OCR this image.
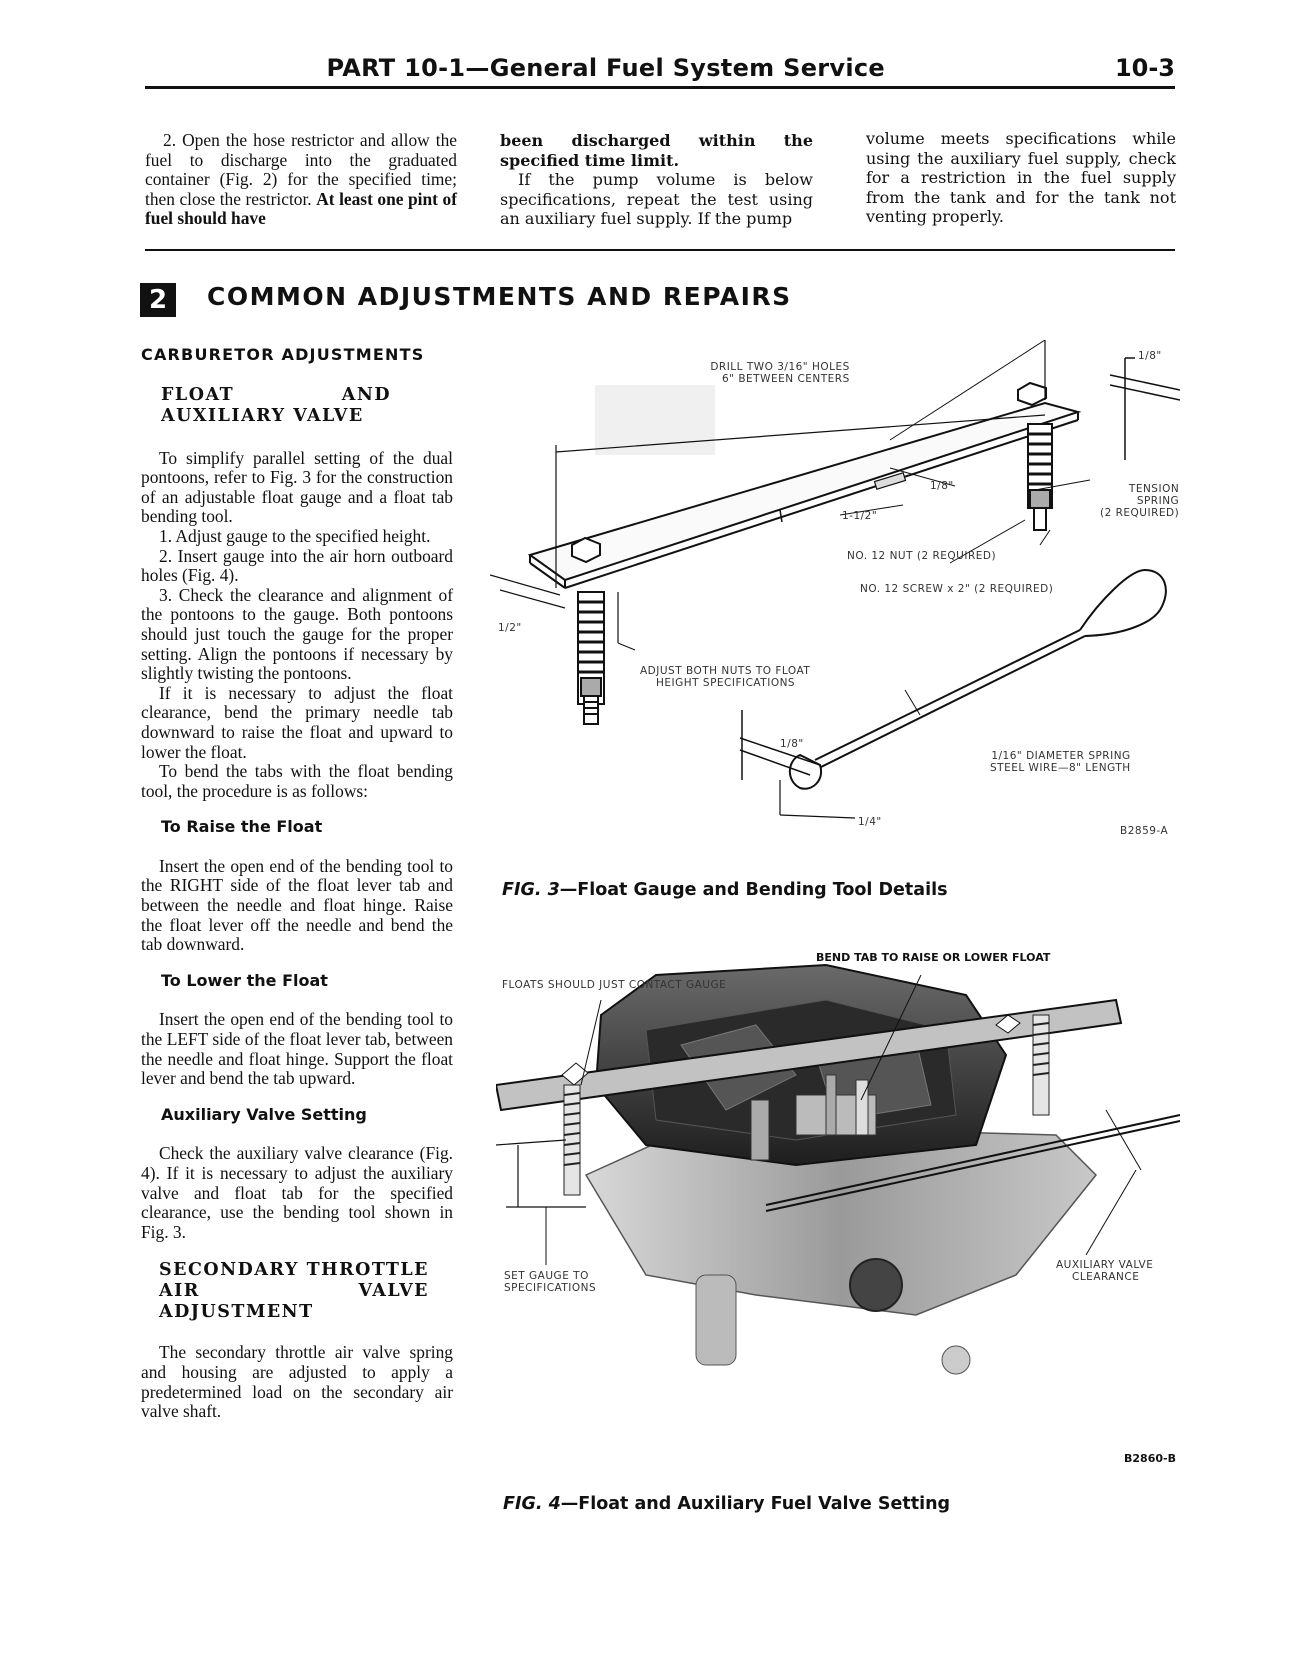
PART 10-1—General Fuel System Service	10-3

2. Open the hose restrictor and allow the fuel to discharge into the graduated container (Fig. 2) for the specified time; then close the restrictor. At least one pint of fuel should have

been discharged within the specified time limit.

If the pump volume is below specifications, repeat the test using an auxiliary fuel supply. If the pump

volume meets specifications while using the auxiliary fuel supply, check for a restriction in the fuel supply from the tank and for the tank not venting properly.

2	COMMON ADJUSTMENTS AND REPAIRS
CARBURETOR ADJUSTMENTS
FLOAT AND AUXILIARY VALVE

To simplify parallel setting of the dual pontoons, refer to Fig. 3 for the construction of an adjustable float gauge and a float tab bending tool.

1. Adjust gauge to the specified height.

2. Insert gauge into the air horn outboard holes (Fig. 4).

3. Check the clearance and alignment of the pontoons to the gauge. Both pontoons should just touch the gauge for the proper setting. Align the pontoons if necessary by slightly twisting the pontoons.

If it is necessary to adjust the float clearance, bend the primary needle tab downward to raise the float and upward to lower the float.

To bend the tabs with the float bending tool, the procedure is as follows:

To Raise the Float

Insert the open end of the bending tool to the RIGHT side of the float lever tab and between the needle and float hinge. Raise the float lever off the needle and bend the tab downward.

To Lower the Float

Insert the open end of the bending tool to the LEFT side of the float lever tab, between the needle and float hinge. Support the float lever and bend the tab upward.

Auxiliary Valve Setting

Check the auxiliary valve clearance (Fig. 4). If it is necessary to adjust the auxiliary valve and float tab for the specified clearance, use the bending tool shown in Fig. 3.

SECONDARY THROTTLE AIR VALVE ADJUSTMENT

The secondary throttle air valve spring and housing are adjusted to apply a predetermined load on the secondary air valve shaft.

DRILL TWO 3/16" HOLES
6" BETWEEN CENTERS
1/8"
TENSION
SPRING
(2 REQUIRED)
1/8"
1-1/2"
NO. 12 NUT (2 REQUIRED)
NO. 12 SCREW x 2" (2 REQUIRED)
1/2"
ADJUST BOTH NUTS TO FLOAT
HEIGHT SPECIFICATIONS
1/8"
1/16" DIAMETER SPRING
STEEL WIRE—8" LENGTH
1/4"
B2859-A
FIG. 3—Float Gauge and Bending Tool Details
BEND TAB TO RAISE OR LOWER FLOAT
FLOATS SHOULD JUST CONTACT GAUGE
SET GAUGE TO
SPECIFICATIONS
AUXILIARY VALVE
CLEARANCE
B2860-B
FIG. 4—Float and Auxiliary Fuel Valve Setting
